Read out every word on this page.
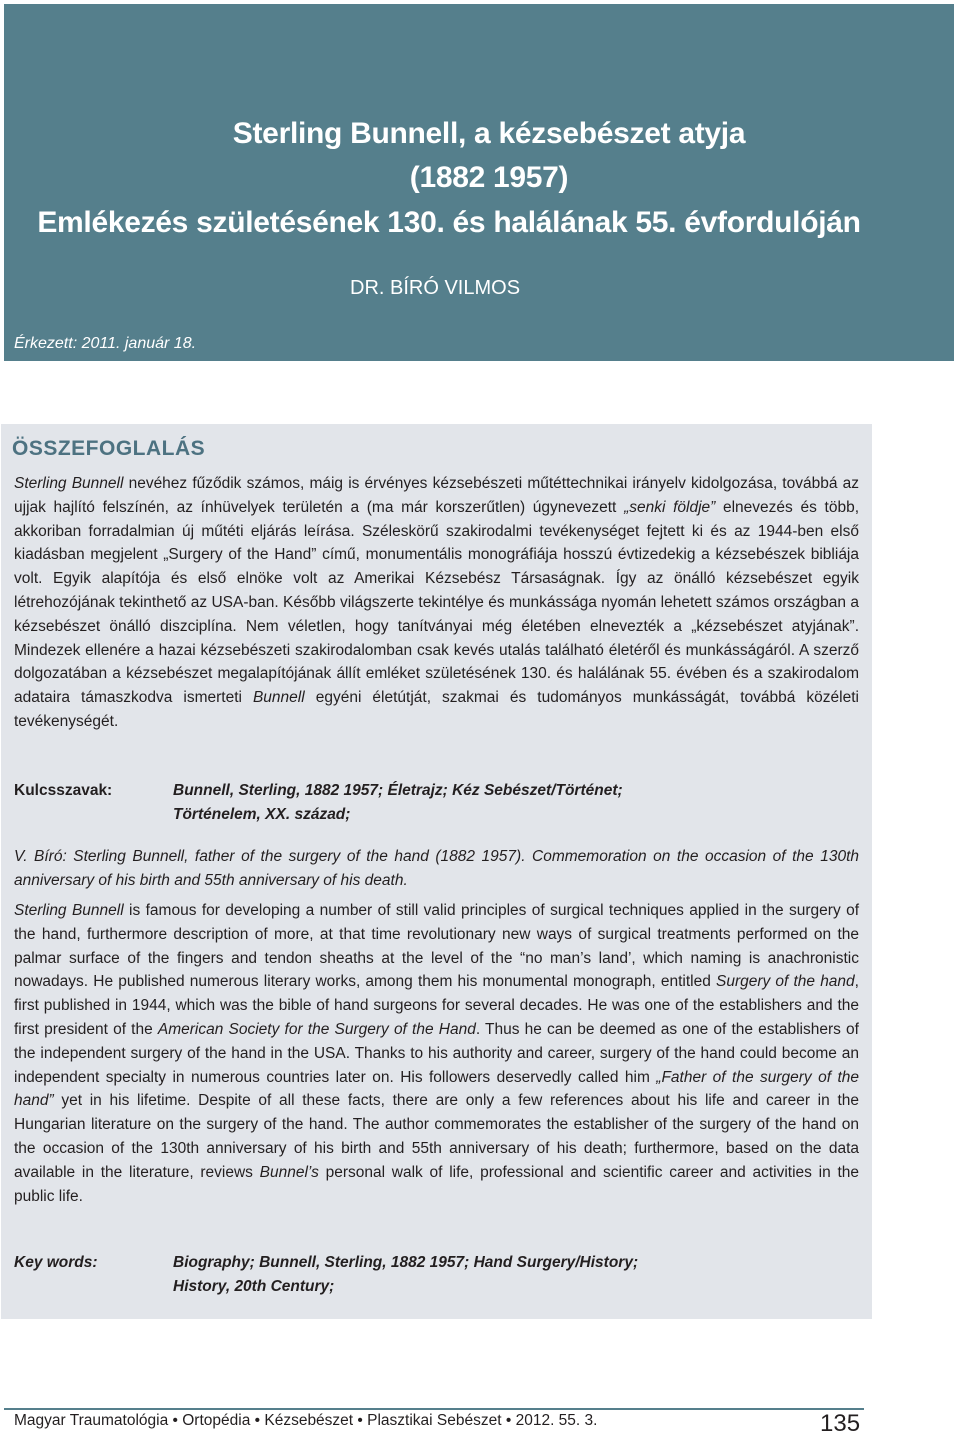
Sterling Bunnell, a kézsebészet atyja
(1882 1957)
Emlékezés születésének 130. és halálának 55. évfordulóján
DR. BÍRÓ VILMOS
Érkezett: 2011. január 18.
ÖSSZEFOGLALÁS

Sterling Bunnell nevéhez fűződik számos, máig is érvényes kézsebészeti műtéttechnikai irányelv kidolgozása, továbbá az ujjak hajlító felszínén, az ínhüvelyek területén a (ma már korszerűtlen) úgynevezett „senki földje” elnevezés és több, akkoriban forradalmian új műtéti eljárás leírása. Széleskörű szakirodalmi tevékenységet fejtett ki és az 1944-ben első kiadásban megjelent „Surgery of the Hand” című, monumentális monográfiája hosszú évtizedekig a kézsebészek bibliája volt. Egyik alapítója és első elnöke volt az Amerikai Kézsebész Társaságnak. Így az önálló kézsebészet egyik létrehozójának tekinthető az USA-ban. Később világszerte tekintélye és munkássága nyomán lehetett számos országban a kézsebészet önálló diszciplína. Nem véletlen, hogy tanítványai még életében elnevezték a „kézsebészet atyjának”. Mindezek ellenére a hazai kézsebészeti szakirodalomban csak kevés utalás található életéről és munkásságáról. A szerző dolgozatában a kézsebészet megalapítójának állít emléket születésének 130. és halálának 55. évében és a szakirodalom adataira támaszkodva ismerteti Bunnell egyéni életútját, szakmai és tudományos munkásságát, továbbá közéleti tevékenységét.

Kulcsszavak:	Bunnell, Sterling, 1882 1957; Életrajz; Kéz Sebészet/Történet;
Történelem, XX. század;

V. Bíró: Sterling Bunnell, father of the surgery of the hand (1882 1957). Commemoration on the occasion of the 130th anniversary of his birth and 55th anniversary of his death.

Sterling Bunnell is famous for developing a number of still valid principles of surgical techniques applied in the surgery of the hand, furthermore description of more, at that time revolutionary new ways of surgical treatments performed on the palmar surface of the fingers and tendon sheaths at the level of the “no man’s land’, which naming is anachronistic nowadays. He published numerous literary works, among them his monumental monograph, entitled Surgery of the hand, first published in 1944, which was the bible of hand surgeons for several decades. He was one of the establishers and the first president of the American Society for the Surgery of the Hand. Thus he can be deemed as one of the establishers of the independent surgery of the hand in the USA. Thanks to his authority and career, surgery of the hand could become an independent specialty in numerous countries later on. His followers deservedly called him „Father of the surgery of the hand” yet in his lifetime. Despite of all these facts, there are only a few references about his life and career in the Hungarian literature on the surgery of the hand. The author commemorates the establisher of the surgery of the hand on the occasion of the 130th anniversary of his birth and 55th anniversary of his death; furthermore, based on the data available in the literature, reviews Bunnel’s personal walk of life, professional and scientific career and activities in the public life.

Key words:	Biography; Bunnell, Sterling, 1882 1957; Hand Surgery/History;
History, 20th Century;
Magyar Traumatológia • Ortopédia • Kézsebészet • Plasztikai Sebészet • 2012. 55. 3.	135
